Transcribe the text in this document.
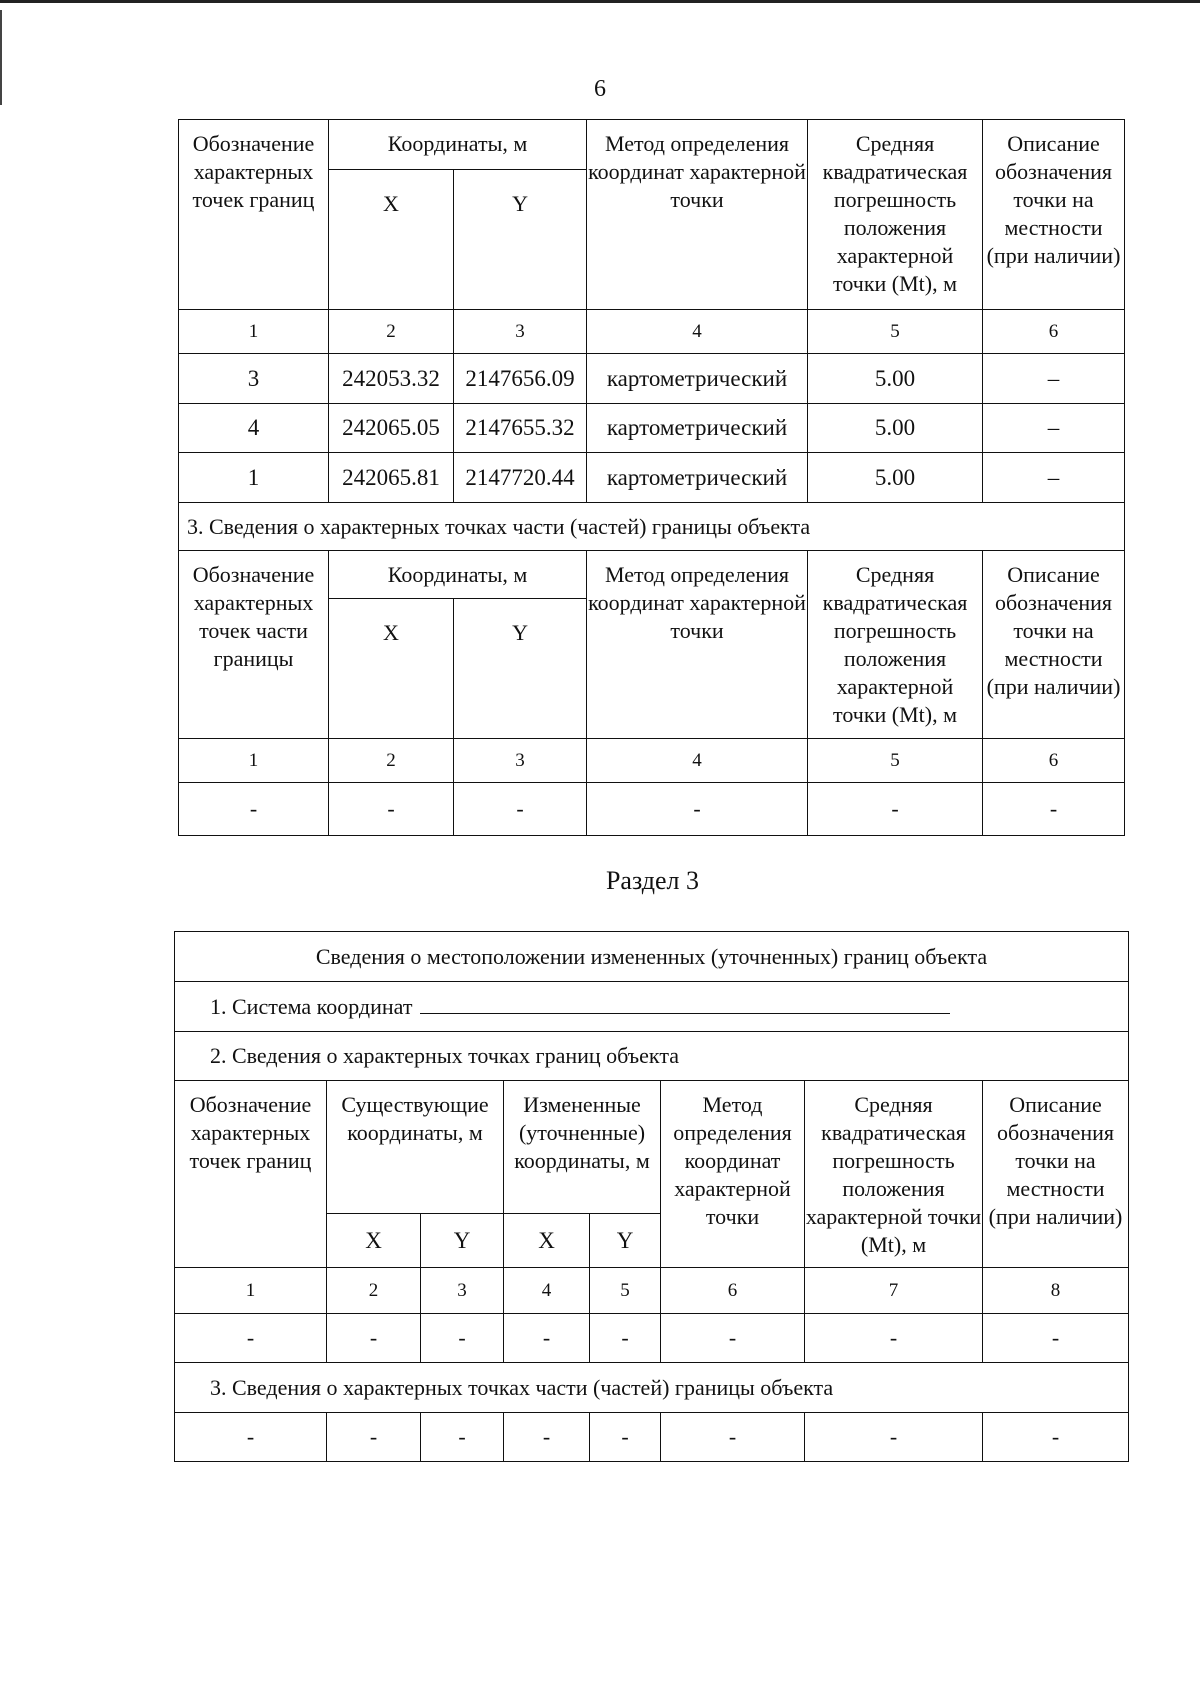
6
Обозначение характерных точек границ	Координаты, м		Метод определения координат характерной точки	Средняя квадратическая погрешность положения характерной точки (Mt), м	Описание обозначения точки на местности (при наличии)
	X	Y			
1	2	3	4	5	6
3	242053.32	2147656.09	картометрический	5.00	–
4	242065.05	2147655.32	картометрический	5.00	–
1	242065.81	2147720.44	картометрический	5.00	–
3. Сведения о характерных точках части (частей) границы объекта					
Обозначение характерных точек части границы	Координаты, м		Метод определения координат характерной точки	Средняя квадратическая погрешность положения характерной точки (Mt), м	Описание обозначения точки на местности (при наличии)
	X	Y			
1	2	3	4	5	6
-	-	-	-	-	-
Раздел 3
Сведения о местоположении измененных (уточненных) границ объекта							
1. Система координат							
2. Сведения о характерных точках границ объекта							
Обозначение характерных точек границ	Существующие координаты, м		Измененные (уточненные) координаты, м		Метод определения координат характерной точки	Средняя квадратическая погрешность положения характерной точки (Mt), м	Описание обозначения точки на местности (при наличии)
	X	Y	X	Y			
1	2	3	4	5	6	7	8
-	-	-	-	-	-	-	-
3. Сведения о характерных точках части (частей) границы объекта							
-	-	-	-	-	-	-	-
